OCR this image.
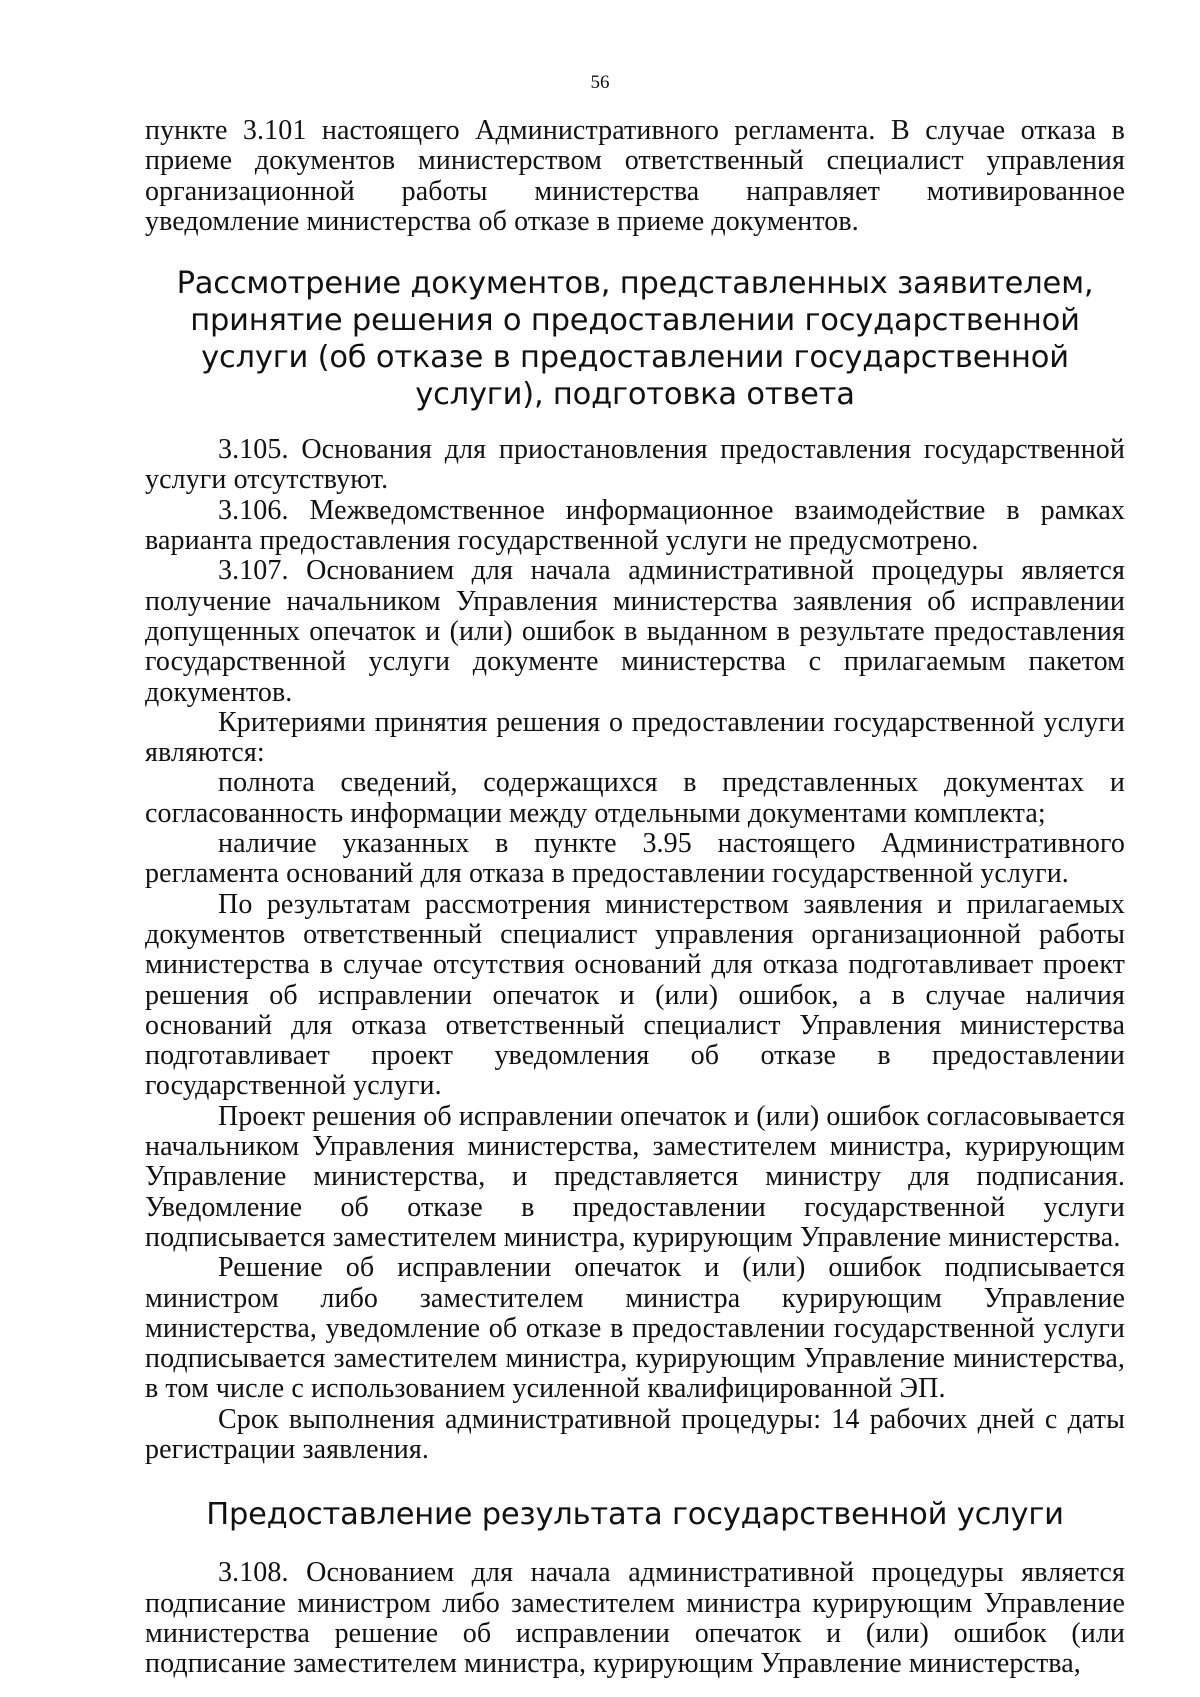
56

пункте 3.101 настоящего Административного регламента. В случае отказа в приеме документов министерством ответственный специалист управления организационной работы министерства направляет мотивированное уведомление министерства об отказе в приеме документов.

Рассмотрение документов, представленных заявителем, принятие решения о предоставлении государственной услуги (об отказе в предоставлении государственной услуги), подготовка ответа

3.105. Основания для приостановления предоставления государственной услуги отсутствуют.

3.106. Межведомственное информационное взаимодействие в рамках варианта предоставления государственной услуги не предусмотрено.

3.107. Основанием для начала административной процедуры является получение начальником Управления министерства заявления об исправлении допущенных опечаток и (или) ошибок в выданном в результате предоставления государственной услуги документе министерства с прилагаемым пакетом документов.

Критериями принятия решения о предоставлении государственной услуги являются:

полнота сведений, содержащихся в представленных документах и согласованность информации между отдельными документами комплекта;

наличие указанных в пункте 3.95 настоящего Административного регламента оснований для отказа в предоставлении государственной услуги.

По результатам рассмотрения министерством заявления и прилагаемых документов ответственный специалист управления организационной работы министерства в случае отсутствия оснований для отказа подготавливает проект решения об исправлении опечаток и (или) ошибок, а в случае наличия оснований для отказа ответственный специалист Управления министерства подготавливает проект уведомления об отказе в предоставлении государственной услуги.

Проект решения об исправлении опечаток и (или) ошибок согласовывается начальником Управления министерства, заместителем министра, курирующим Управление министерства, и представляется министру для подписания. Уведомление об отказе в предоставлении государственной услуги подписывается заместителем министра, курирующим Управление министерства.

Решение об исправлении опечаток и (или) ошибок подписывается министром либо заместителем министра курирующим Управление министерства, уведомление об отказе в предоставлении государственной услуги подписывается заместителем министра, курирующим Управление министерства, в том числе с использованием усиленной квалифицированной ЭП.

Срок выполнения административной процедуры: 14 рабочих дней с даты регистрации заявления.

Предоставление результата государственной услуги

3.108. Основанием для начала административной процедуры является подписание министром либо заместителем министра курирующим Управление министерства решение об исправлении опечаток и (или) ошибок (или подписание заместителем министра, курирующим Управление министерства,
